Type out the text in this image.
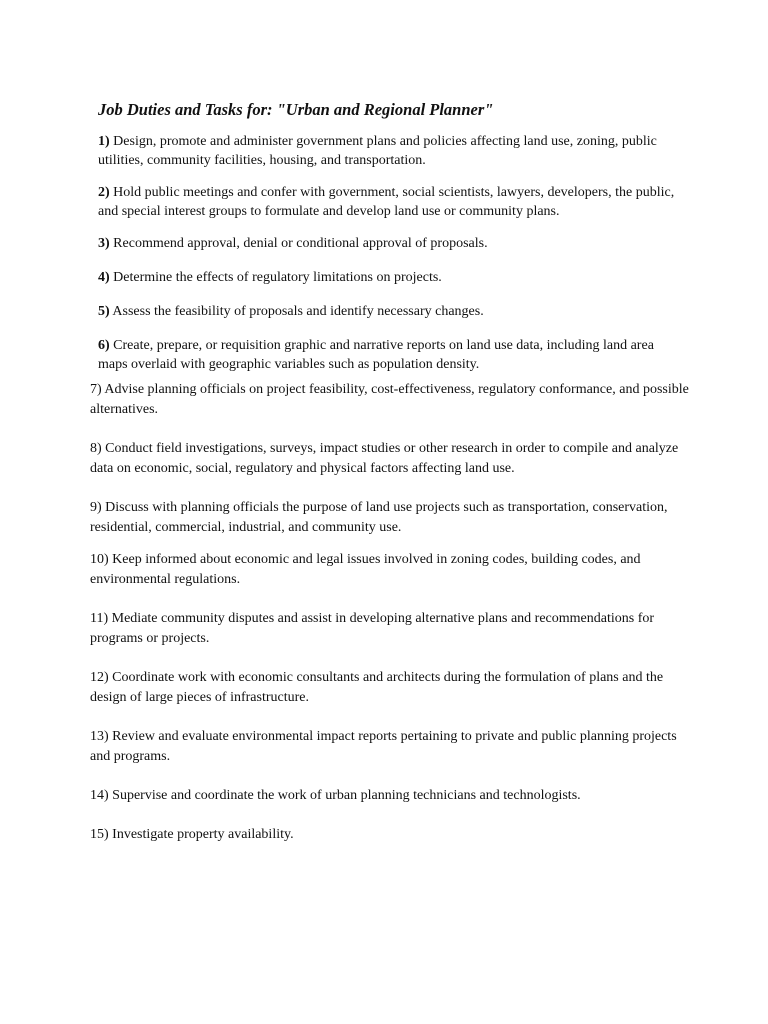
Job Duties and Tasks for: "Urban and Regional Planner"

1) Design, promote and administer government plans and policies affecting land use, zoning, public utilities, community facilities, housing, and transportation.

2) Hold public meetings and confer with government, social scientists, lawyers, developers, the public, and special interest groups to formulate and develop land use or community plans.

3) Recommend approval, denial or conditional approval of proposals.

4) Determine the effects of regulatory limitations on projects.

5) Assess the feasibility of proposals and identify necessary changes.

6) Create, prepare, or requisition graphic and narrative reports on land use data, including land area maps overlaid with geographic variables such as population density.

7) Advise planning officials on project feasibility, cost-effectiveness, regulatory conformance, and possible alternatives.

8) Conduct field investigations, surveys, impact studies or other research in order to compile and analyze data on economic, social, regulatory and physical factors affecting land use.

9) Discuss with planning officials the purpose of land use projects such as transportation, conservation, residential, commercial, industrial, and community use.

10) Keep informed about economic and legal issues involved in zoning codes, building codes, and environmental regulations.

11) Mediate community disputes and assist in developing alternative plans and recommendations for programs or projects.

12) Coordinate work with economic consultants and architects during the formulation of plans and the design of large pieces of infrastructure.

13) Review and evaluate environmental impact reports pertaining to private and public planning projects and programs.

14) Supervise and coordinate the work of urban planning technicians and technologists.

15) Investigate property availability.
